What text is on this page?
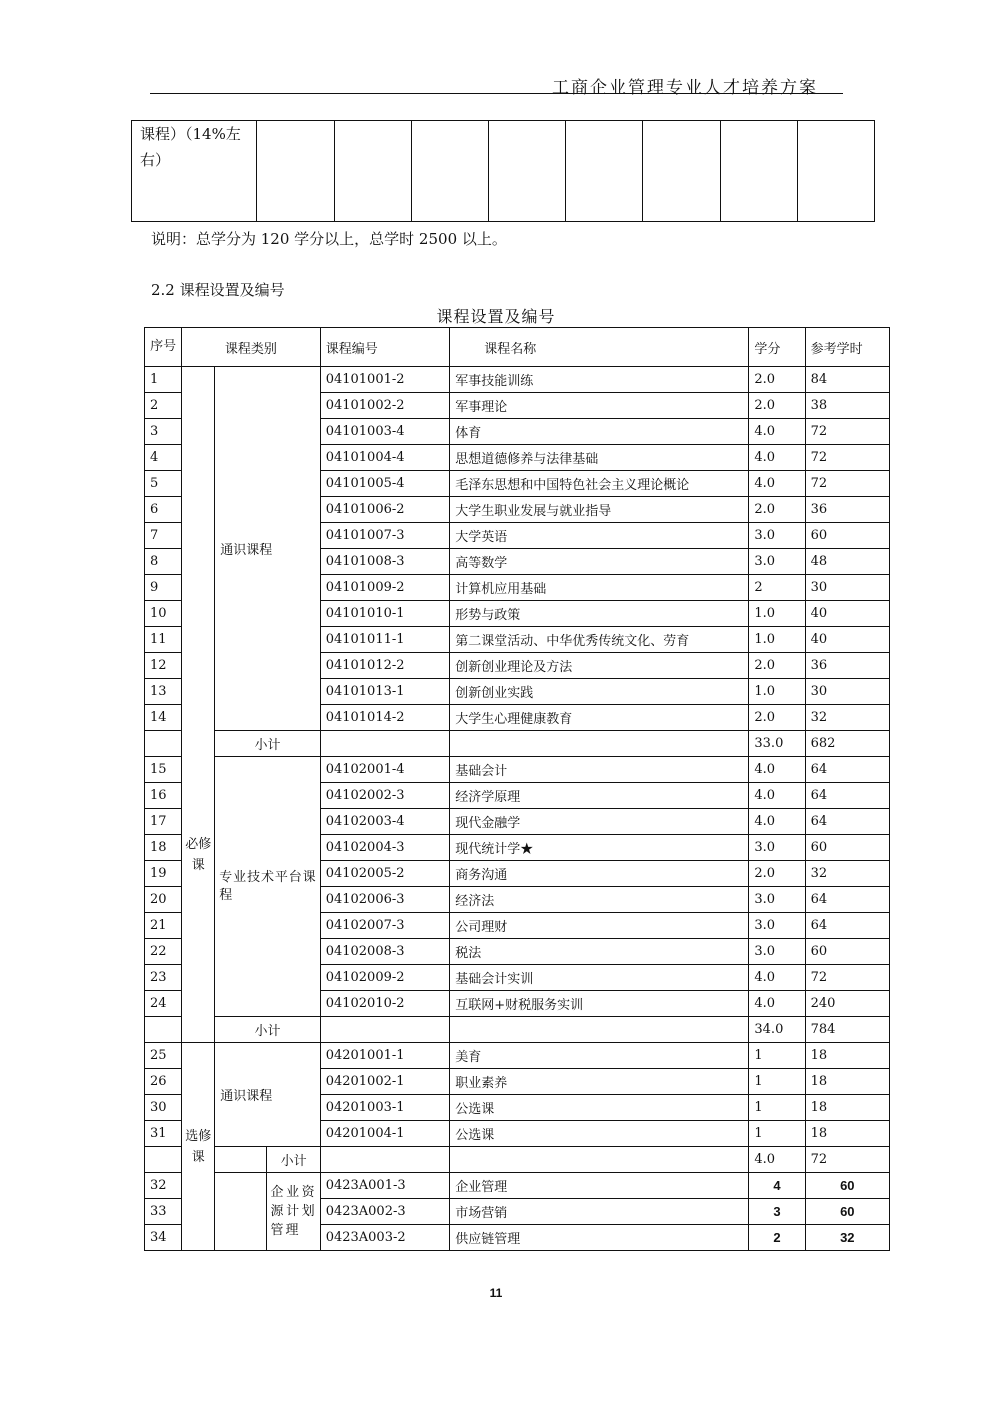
工商企业管理专业人才培养方案
课程）（14%左右）								
说明：总学分为 120 学分以上，总学时 2500 以上。
2.2 课程设置及编号
课程设置及编号
序号	课程类别			课程编号	课程名称	学分	参考学时
1	必修课	通识课程		04101001-2	军事技能训练	2.0	84
2				04101002-2	军事理论	2.0	38
3				04101003-4	体育	4.0	72
4				04101004-4	思想道德修养与法律基础	4.0	72
5				04101005-4	毛泽东思想和中国特色社会主义理论概论	4.0	72
6				04101006-2	大学生职业发展与就业指导	2.0	36
7				04101007-3	大学英语	3.0	60
8				04101008-3	高等数学	3.0	48
9				04101009-2	计算机应用基础	2	30
10				04101010-1	形势与政策	1.0	40
11				04101011-1	第二课堂活动、中华优秀传统文化、劳育	1.0	40
12				04101012-2	创新创业理论及方法	2.0	36
13				04101013-1	创新创业实践	1.0	30
14				04101014-2	大学生心理健康教育	2.0	32
		小计				33.0	682
15		专业技术平台课程		04102001-4	基础会计	4.0	64
16				04102002-3	经济学原理	4.0	64
17				04102003-4	现代金融学	4.0	64
18				04102004-3	现代统计学★	3.0	60
19				04102005-2	商务沟通	2.0	32
20				04102006-3	经济法	3.0	64
21				04102007-3	公司理财	3.0	64
22				04102008-3	税法	3.0	60
23				04102009-2	基础会计实训	4.0	72
24				04102010-2	互联网+财税服务实训	4.0	240
		小计				34.0	784
25	选修课	通识课程		04201001-1	美育	1	18
26				04201002-1	职业素养	1	18
30				04201003-1	公选课	1	18
31				04201004-1	公选课	1	18
			小计			4.0	72
32			企业资源计划管理	0423A001-3	企业管理	4	60
33				0423A002-3	市场营销	3	60
34				0423A003-2	供应链管理	2	32
11
